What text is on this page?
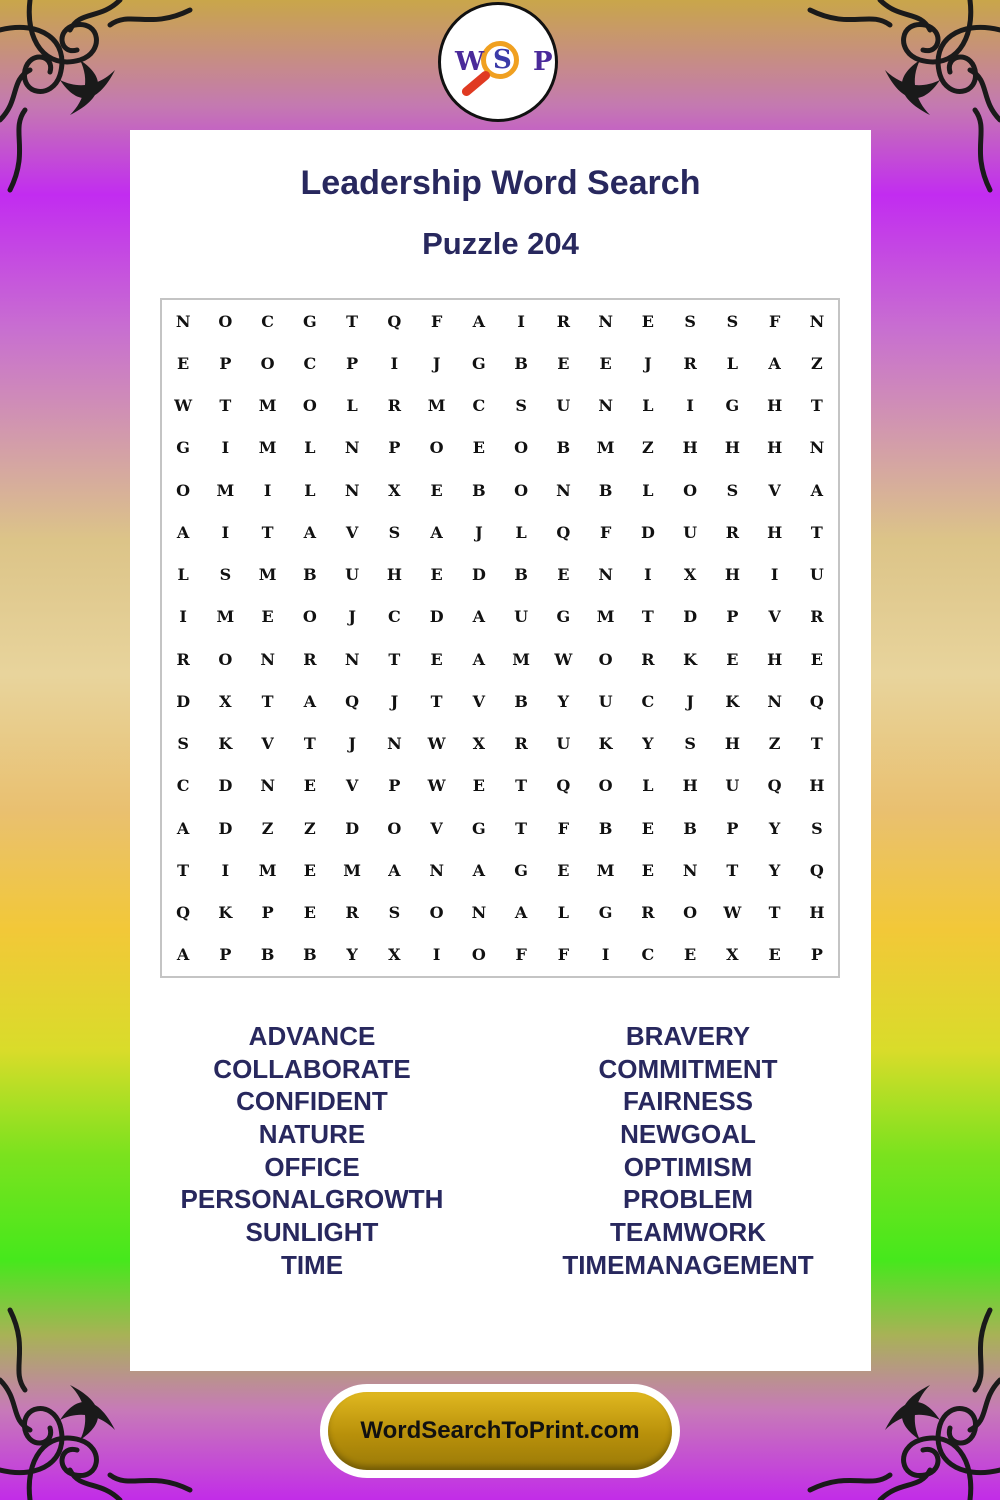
W S P
Leadership Word Search
Puzzle 204
N	O	C	G	T	Q	F	A	I	R	N	E	S	S	F	N
E	P	O	C	P	I	J	G	B	E	E	J	R	L	A	Z
W	T	M	O	L	R	M	C	S	U	N	L	I	G	H	T
G	I	M	L	N	P	O	E	O	B	M	Z	H	H	H	N
O	M	I	L	N	X	E	B	O	N	B	L	O	S	V	A
A	I	T	A	V	S	A	J	L	Q	F	D	U	R	H	T
L	S	M	B	U	H	E	D	B	E	N	I	X	H	I	U
I	M	E	O	J	C	D	A	U	G	M	T	D	P	V	R
R	O	N	R	N	T	E	A	M	W	O	R	K	E	H	E
D	X	T	A	Q	J	T	V	B	Y	U	C	J	K	N	Q
S	K	V	T	J	N	W	X	R	U	K	Y	S	H	Z	T
C	D	N	E	V	P	W	E	T	Q	O	L	H	U	Q	H
A	D	Z	Z	D	O	V	G	T	F	B	E	B	P	Y	S
T	I	M	E	M	A	N	A	G	E	M	E	N	T	Y	Q
Q	K	P	E	R	S	O	N	A	L	G	R	O	W	T	H
A	P	B	B	Y	X	I	O	F	F	I	C	E	X	E	P
ADVANCE
COLLABORATE
CONFIDENT
NATURE
OFFICE
PERSONALGROWTH
SUNLIGHT
TIME
BRAVERY
COMMITMENT
FAIRNESS
NEWGOAL
OPTIMISM
PROBLEM
TEAMWORK
TIMEMANAGEMENT
WordSearchToPrint.com
